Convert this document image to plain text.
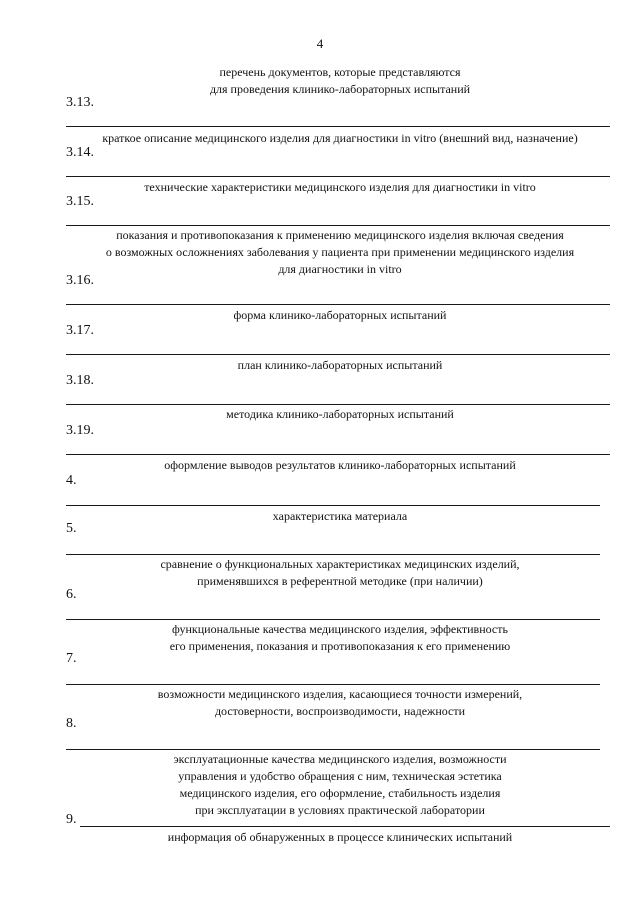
4
перечень документов, которые представляются
для проведения клинико-лабораторных испытаний
3.13.
краткое описание медицинского изделия для диагностики in vitro (внешний вид, назначение)
3.14.
технические характеристики медицинского изделия для диагностики in vitro
3.15.
показания и противопоказания к применению медицинского изделия включая сведения
о возможных осложнениях заболевания у пациента при применении медицинского изделия
для диагностики in vitro
3.16.
форма клинико-лабораторных испытаний
3.17.
план клинико-лабораторных испытаний
3.18.
методика клинико-лабораторных испытаний
3.19.
оформление выводов результатов клинико-лабораторных испытаний
4.
характеристика материала
5.
сравнение о функциональных характеристиках медицинских изделий,
применявшихся в референтной методике (при наличии)
6.
функциональные качества медицинского изделия, эффективность
его применения, показания и противопоказания к его применению
7.
возможности медицинского изделия, касающиеся точности измерений,
достоверности, воспроизводимости, надежности
8.
эксплуатационные качества медицинского изделия, возможности
управления и удобство обращения с ним, техническая эстетика
медицинского изделия, его оформление, стабильность изделия
при эксплуатации в условиях практической лаборатории
9.
информация об обнаруженных в процессе клинических испытаний
